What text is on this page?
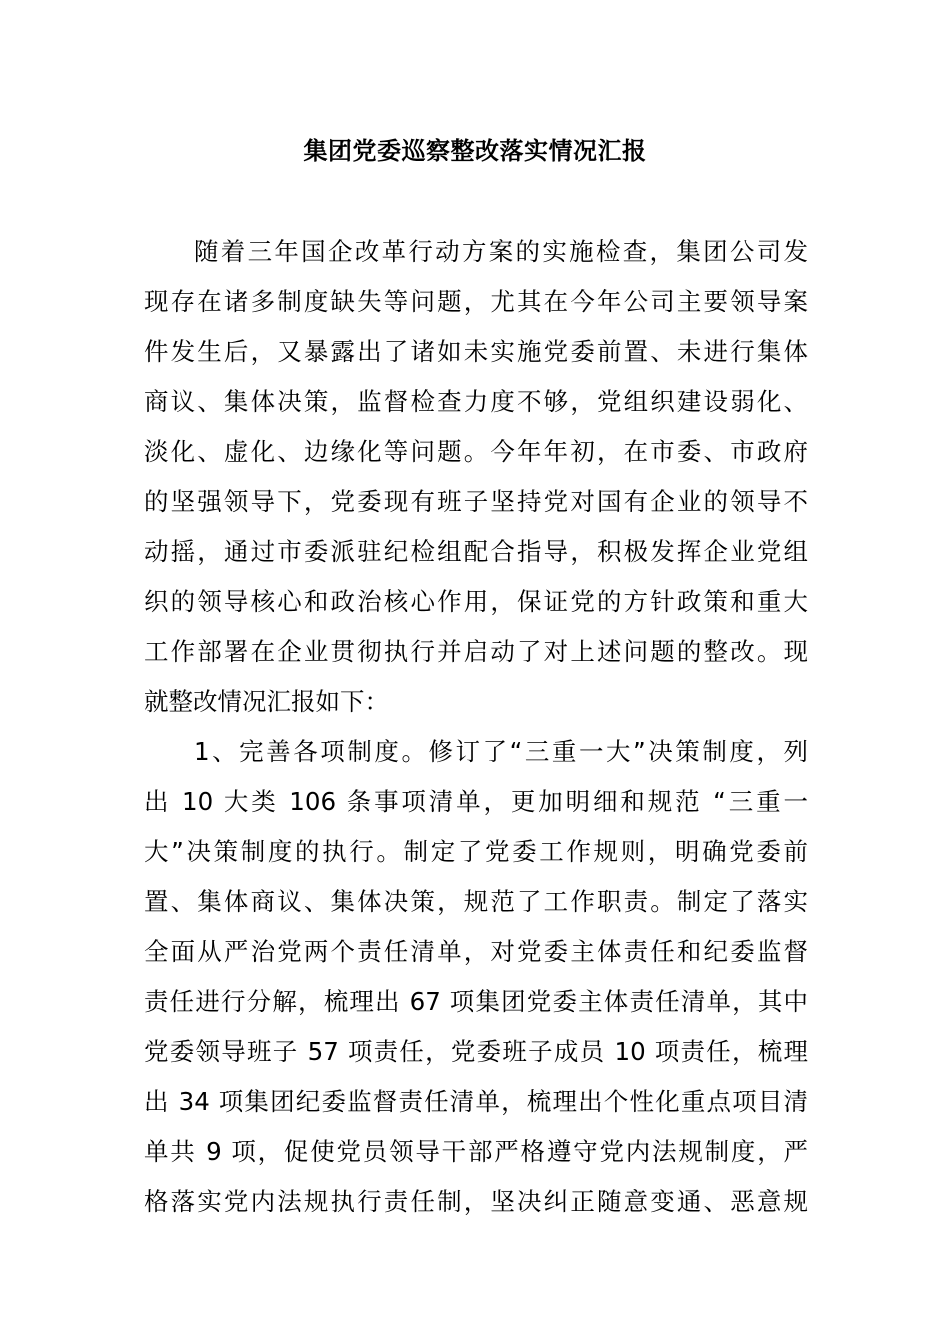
集团党委巡察整改落实情况汇报
随着三年国企改革行动方案的实施检查，集团公司发
现存在诸多制度缺失等问题，尤其在今年公司主要领导案
件发生后，又暴露出了诸如未实施党委前置、未进行集体
商议、集体决策，监督检查力度不够，党组织建设弱化、
淡化、虚化、边缘化等问题。今年年初，在市委、市政府
的坚强领导下，党委现有班子坚持党对国有企业的领导不
动摇，通过市委派驻纪检组配合指导，积极发挥企业党组
织的领导核心和政治核心作用，保证党的方针政策和重大
工作部署在企业贯彻执行并启动了对上述问题的整改。现
就整改情况汇报如下：
1、完善各项制度。修订了“三重一大”决策制度，列
出 10 大类 106 条事项清单，更加明细和规范 “三重一
大”决策制度的执行。制定了党委工作规则，明确党委前
置、集体商议、集体决策，规范了工作职责。制定了落实
全面从严治党两个责任清单，对党委主体责任和纪委监督
责任进行分解，梳理出 67 项集团党委主体责任清单，其中
党委领导班子 57 项责任，党委班子成员 10 项责任，梳理
出 34 项集团纪委监督责任清单，梳理出个性化重点项目清
单共 9 项，促使党员领导干部严格遵守党内法规制度，严
格落实党内法规执行责任制，坚决纠正随意变通、恶意规
